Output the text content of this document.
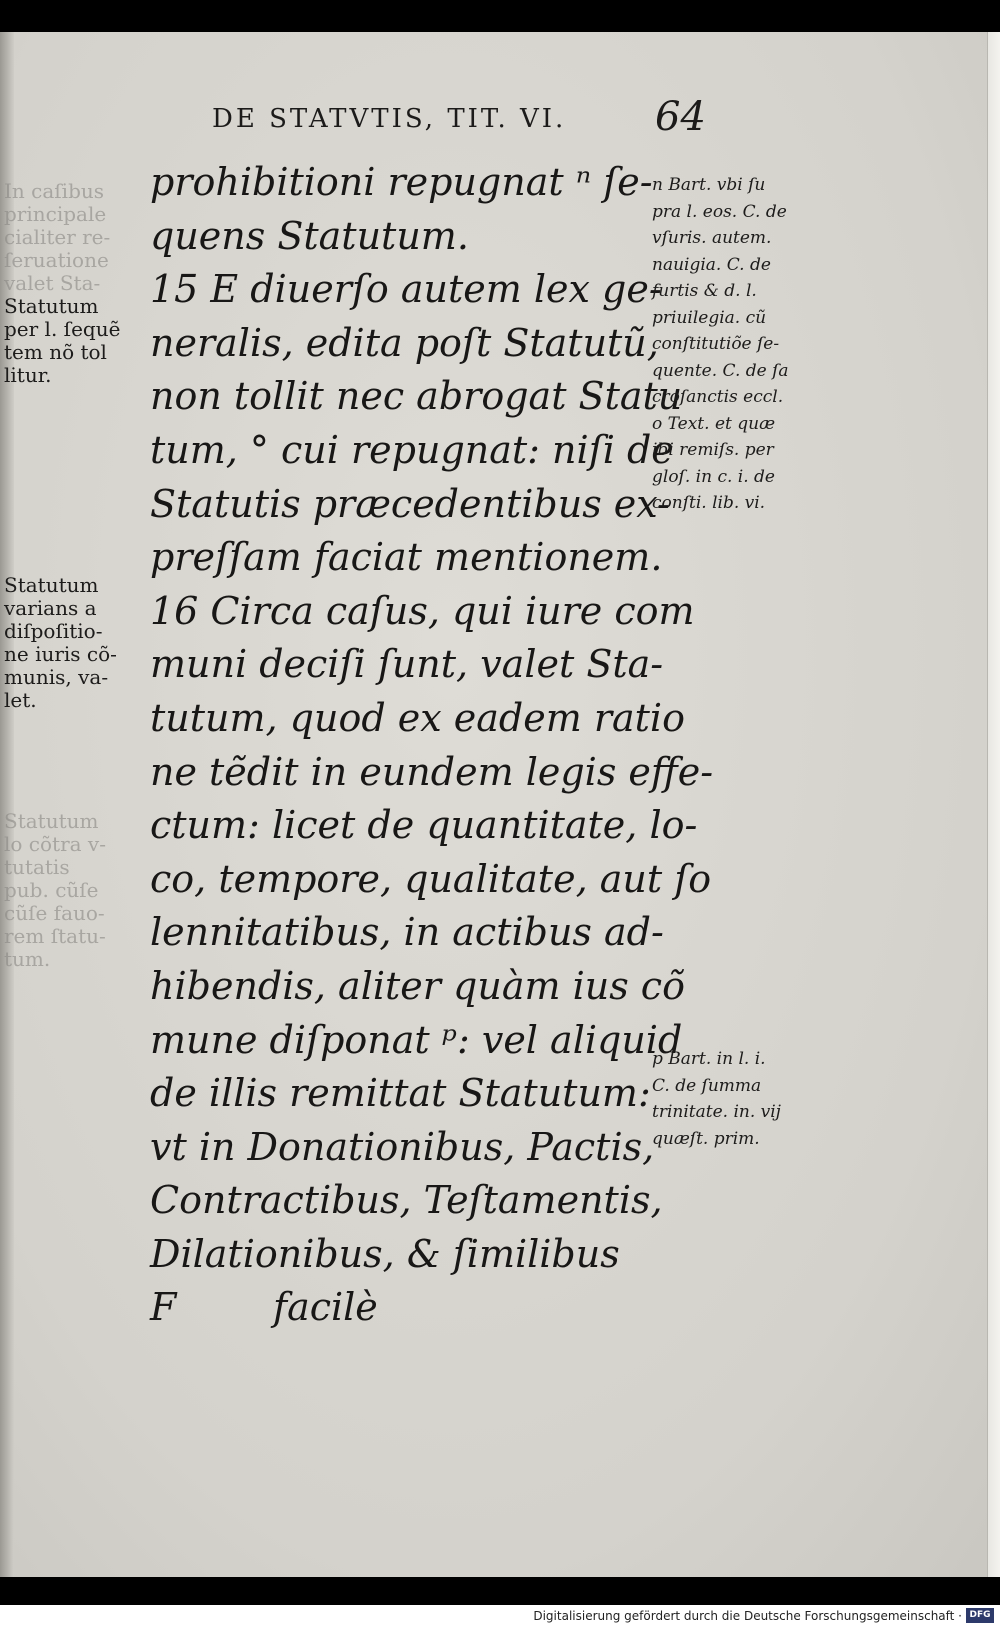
DE STATVTIS, TIT. VI. 64
In caſibus
principale
cialiter re-
ſeruatione
valet Sta-
Statutum
per l. ſequẽ
tem nõ tol
litur.
Statutum
varians a
diſpoſitio-
ne iuris cõ-
munis, va-
let.
Statutum
lo cõtra v-
tutatis
pub. cũſe
cũſe fauo-
rem ſtatu-
tum.
prohibitioni repugnat ⁿ ſe-
quens Statutum.
15 E diuerſo autem lex ge-
neralis, edita poſt Statutũ,
non tollit nec abrogat Statu
tum, ° cui repugnat: niſi de
Statutis præcedentibus ex-
preſſam faciat mentionem.
16 Circa caſus, qui iure com
muni deciſi ſunt, valet Sta-
tutum, quod ex eadem ratio
ne tẽdit in eundem legis effe-
ctum: licet de quantitate, lo-
co, tempore, qualitate, aut ſo
lennitatibus, in actibus ad-
hibendis, aliter quàm ius cõ
mune diſponat ᵖ: vel aliquid
de illis remittat Statutum:
vt in Donationibus, Pactis,
Contractibus, Teſtamentis,
Dilationibus, & ſimilibus
F        facilè
n Bart. vbi ſu
pra l. eos. C. de
vſuris. autem.
nauigia. C. de
furtis & d. l.
priuilegia. cũ
conſtitutiõe ſe-
quente. C. de ſa
croſanctis eccl.
o Text. et quæ
ibi remiſs. per
gloſ. in c. i. de
conſti. lib. vi.
p Bart. in l. i.
C. de ſumma
trinitate. in. vij
quæſt. prim.
Digitalisierung gefördert durch die Deutsche Forschungsgemeinschaft · DFG
